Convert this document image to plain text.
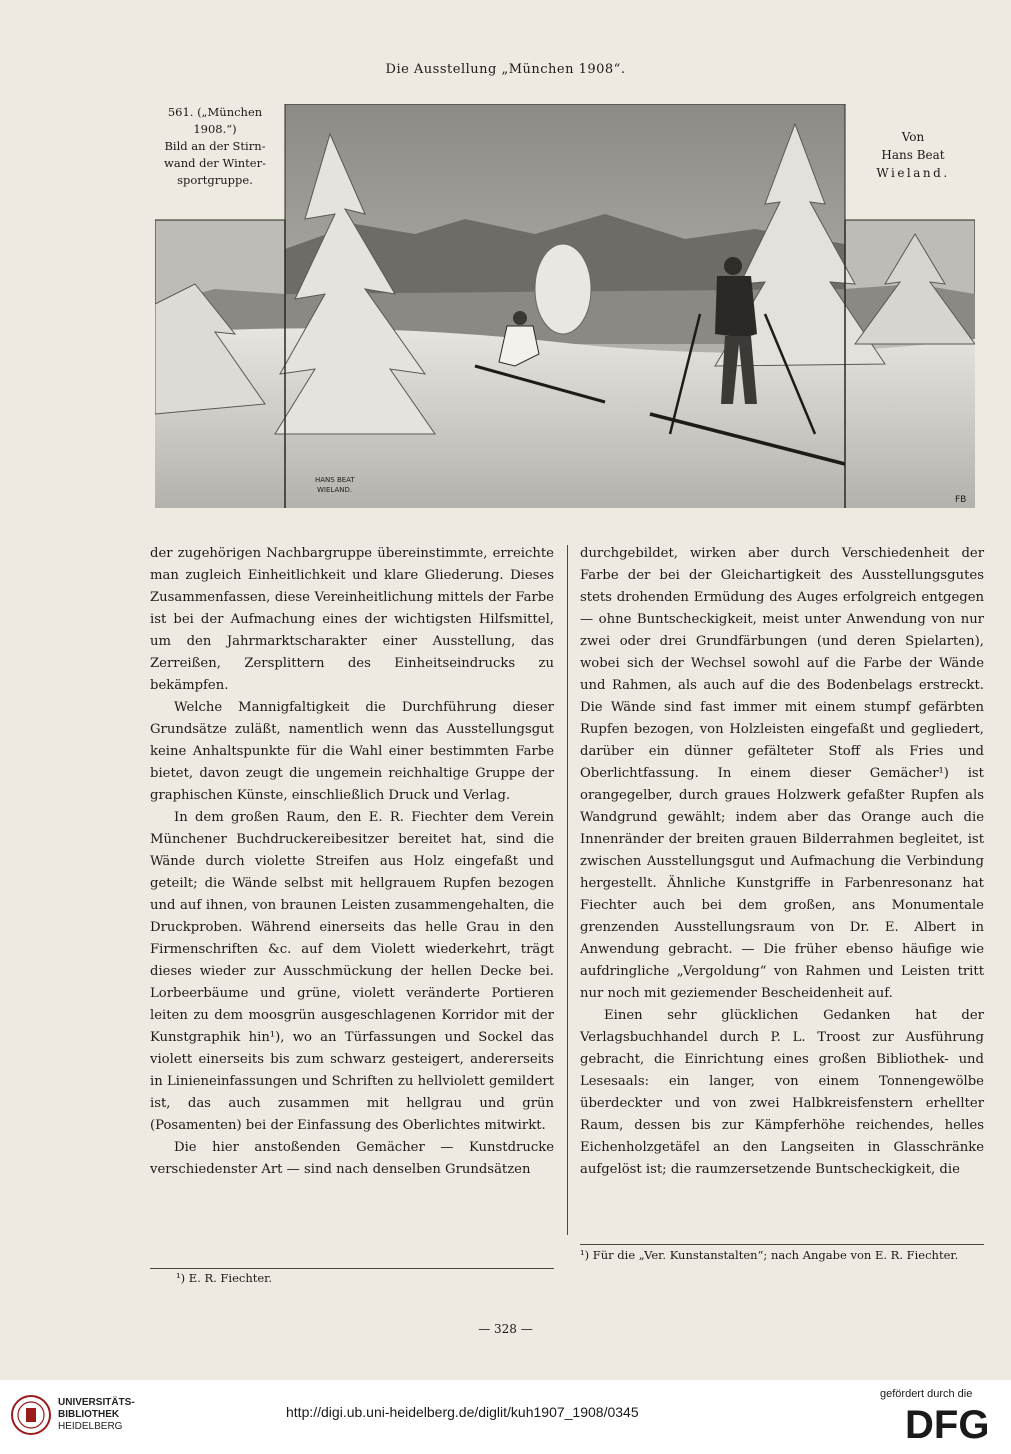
Die Ausstellung „München 1908“.
HANS BEAT
WIELAND.
FB
561. („München
1908.“)
Bild an der Stirn-
wand der Winter-
sportgruppe.
Von
Hans Beat
Wieland.

der zugehörigen Nachbargruppe übereinstimmte, erreichte man zugleich Einheitlichkeit und klare Gliederung. Dieses Zusammenfassen, diese Vereinheitlichung mittels der Farbe ist bei der Aufmachung eines der wichtigsten Hilfsmittel, um den Jahrmarktscharakter einer Ausstellung, das Zerreißen, Zersplittern des Einheitseindrucks zu bekämpfen.

Welche Mannigfaltigkeit die Durchführung dieser Grundsätze zuläßt, namentlich wenn das Ausstellungsgut keine Anhaltspunkte für die Wahl einer bestimmten Farbe bietet, davon zeugt die ungemein reichhaltige Gruppe der graphischen Künste, einschließlich Druck und Verlag.

In dem großen Raum, den E. R. Fiechter dem Verein Münchener Buchdruckereibesitzer bereitet hat, sind die Wände durch violette Streifen aus Holz eingefaßt und geteilt; die Wände selbst mit hellgrauem Rupfen bezogen und auf ihnen, von braunen Leisten zusammengehalten, die Druckproben. Während einerseits das helle Grau in den Firmenschriften &c. auf dem Violett wiederkehrt, trägt dieses wieder zur Ausschmückung der hellen Decke bei. Lorbeerbäume und grüne, violett veränderte Portieren leiten zu dem moosgrün ausgeschlagenen Korridor mit der Kunstgraphik hin¹), wo an Türfassungen und Sockel das violett einerseits bis zum schwarz gesteigert, andererseits in Linieneinfassungen und Schriften zu hellviolett gemildert ist, das auch zusammen mit hellgrau und grün (Posamenten) bei der Einfassung des Oberlichtes mitwirkt.

Die hier anstoßenden Gemächer — Kunstdrucke verschiedenster Art — sind nach denselben Grundsätzen

durchgebildet, wirken aber durch Verschiedenheit der Farbe der bei der Gleichartigkeit des Ausstellungsgutes stets drohenden Ermüdung des Auges erfolgreich entgegen — ohne Buntscheckigkeit, meist unter Anwendung von nur zwei oder drei Grundfärbungen (und deren Spielarten), wobei sich der Wechsel sowohl auf die Farbe der Wände und Rahmen, als auch auf die des Bodenbelags erstreckt. Die Wände sind fast immer mit einem stumpf gefärbten Rupfen bezogen, von Holzleisten eingefaßt und gegliedert, darüber ein dünner gefälteter Stoff als Fries und Oberlichtfassung. In einem dieser Gemächer¹) ist orangegelber, durch graues Holzwerk gefaßter Rupfen als Wandgrund gewählt; indem aber das Orange auch die Innenränder der breiten grauen Bilderrahmen begleitet, ist zwischen Ausstellungsgut und Aufmachung die Verbindung hergestellt. Ähnliche Kunstgriffe in Farbenresonanz hat Fiechter auch bei dem großen, ans Monumentale grenzenden Ausstellungsraum von Dr. E. Albert in Anwendung gebracht. — Die früher ebenso häufige wie aufdringliche „Vergoldung“ von Rahmen und Leisten tritt nur noch mit geziemender Bescheidenheit auf.

Einen sehr glücklichen Gedanken hat der Verlagsbuchhandel durch P. L. Troost zur Ausführung gebracht, die Einrichtung eines großen Bibliothek- und Lesesaals: ein langer, von einem Tonnengewölbe überdeckter und von zwei Halbkreisfenstern erhellter Raum, dessen bis zur Kämpferhöhe reichendes, helles Eichenholzgetäfel an den Langseiten in Glasschränke aufgelöst ist; die raumzersetzende Buntscheckigkeit, die

¹) E. R. Fiechter.
¹) Für die „Ver. Kunstanstalten“; nach Angabe von E. R. Fiechter.
— 328 —
UNIVERSITÄTS-
BIBLIOTHEK
HEIDELBERG
http://digi.ub.uni-heidelberg.de/diglit/kuh1907_1908/0345
gefördert durch die
DFG
